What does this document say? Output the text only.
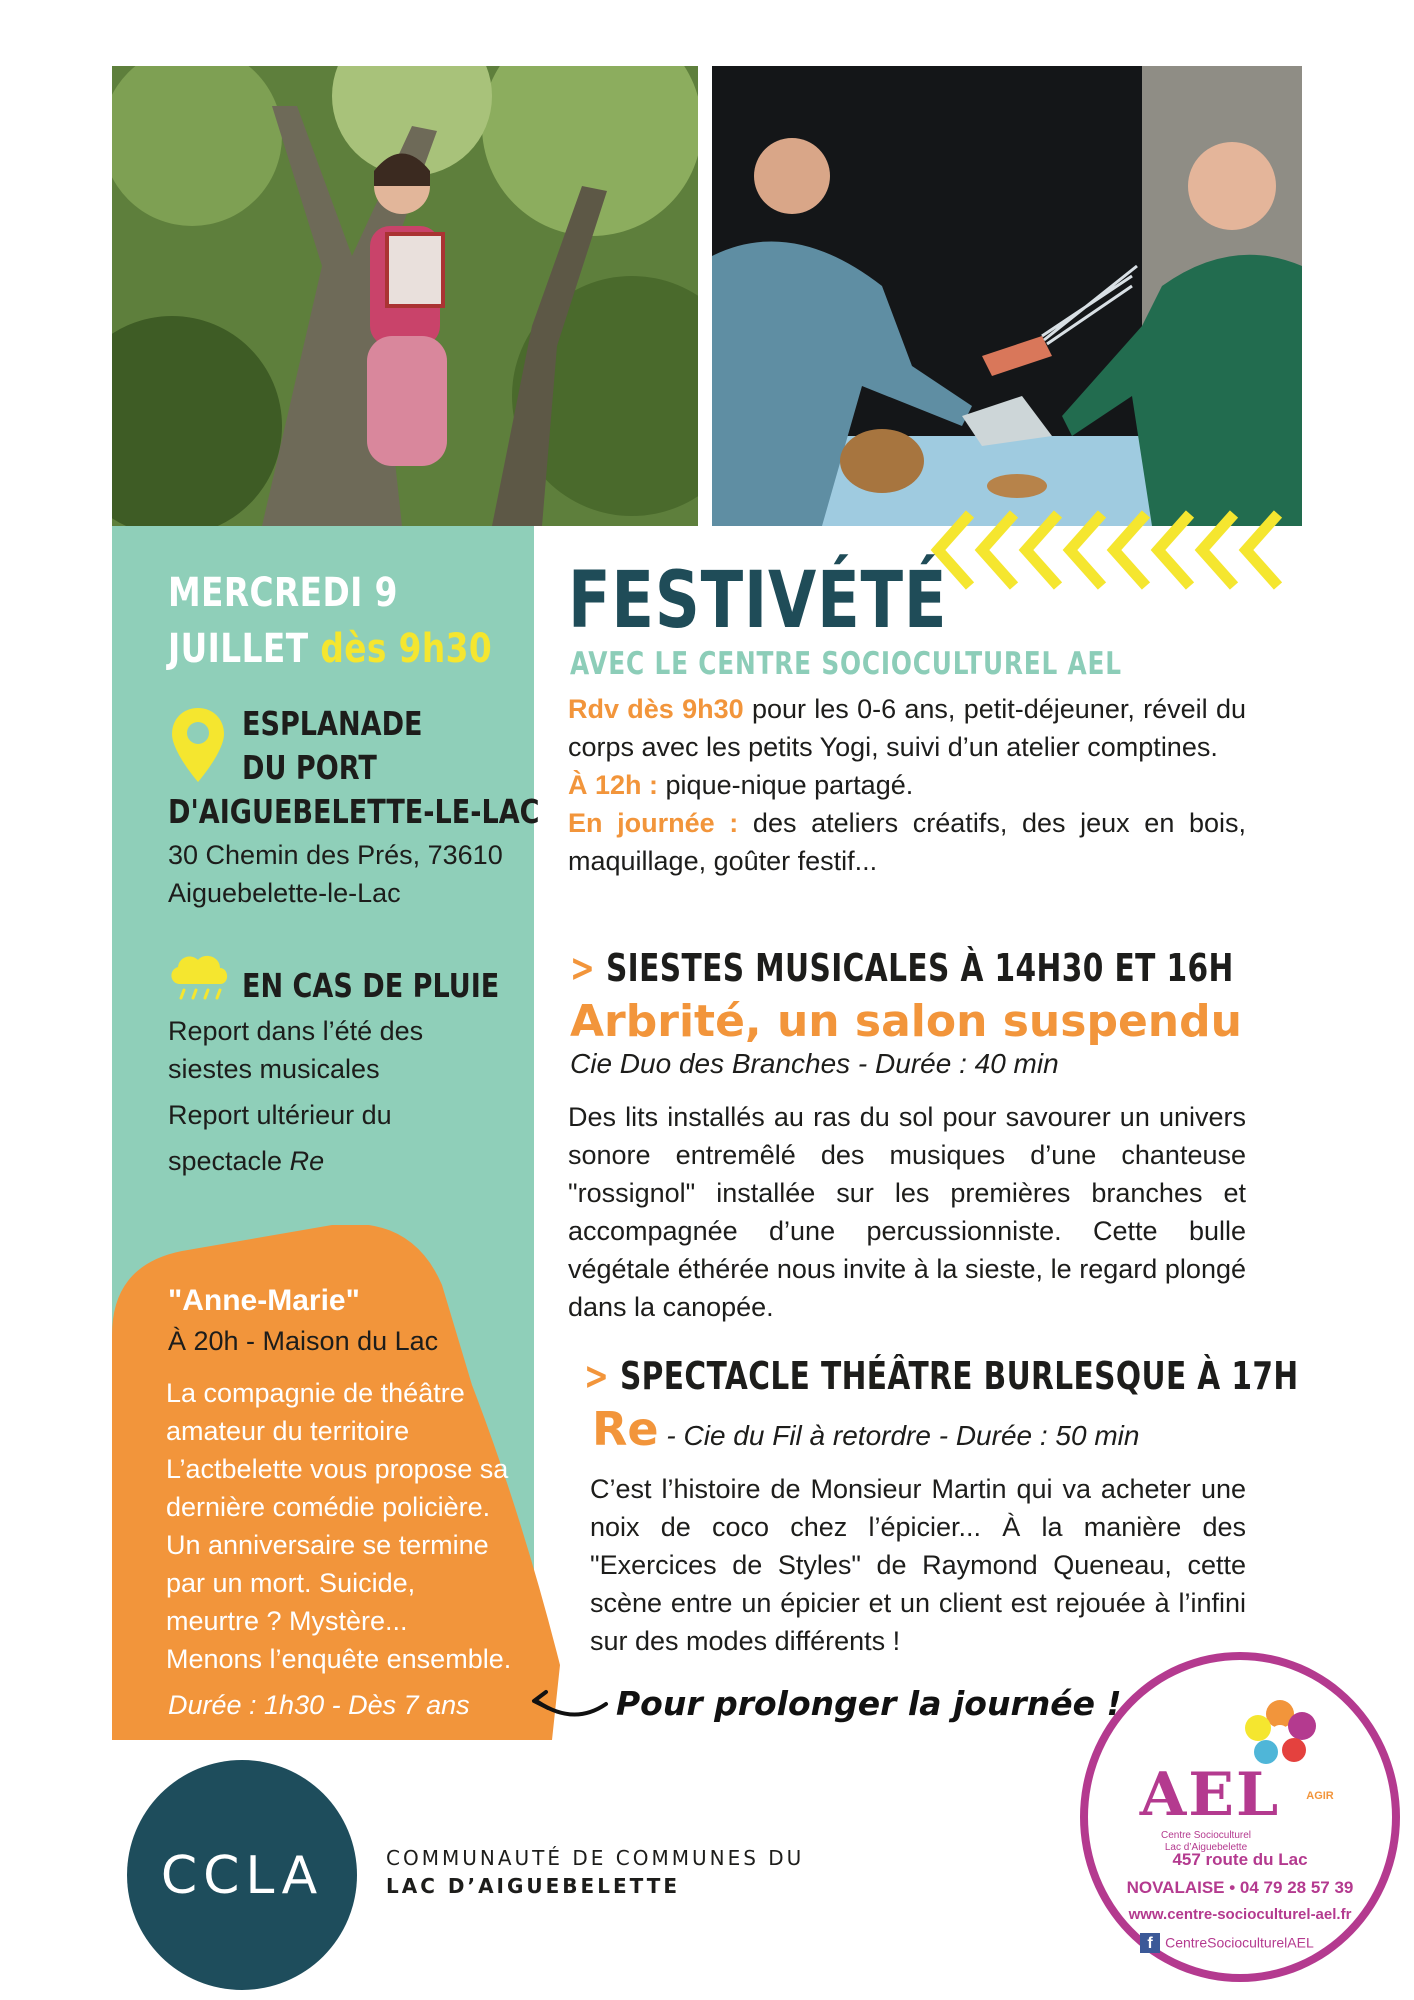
MERCREDI 9
JUILLET dès 9h30
ESPLANADE
DU PORT
D'AIGUEBELETTE-LE-LAC
30 Chemin des Prés, 73610
Aiguebelette-le-Lac
EN CAS DE PLUIE
Report dans l’été des
siestes musicales
Report ultérieur du
spectacle Re
"Anne-Marie"
À 20h - Maison du Lac
La compagnie de théâtre
amateur du territoire
L’actbelette vous propose sa
dernière comédie policière.
Un anniversaire se termine
par un mort. Suicide,
meurtre ? Mystère...
Menons l’enquête ensemble.
Durée : 1h30 - Dès 7 ans
FESTIVÉTÉ
AVEC LE CENTRE SOCIOCULTUREL AEL
Rdv dès 9h30 pour les 0-6 ans, petit-déjeuner, réveil du corps avec les petits Yogi, suivi d’un atelier comptines.
À 12h : pique-nique partagé.
En journée : des ateliers créatifs, des jeux en bois, maquillage, goûter festif...
> SIESTES MUSICALES À 14H30 ET 16H
Arbrité, un salon suspendu
Cie Duo des Branches - Durée : 40 min
Des lits installés au ras du sol pour savourer un univers sonore entremêlé des musiques d’une chanteuse "rossignol" installée sur les premières branches et accompagnée d’une percussionniste. Cette bulle végétale éthérée nous invite à la sieste, le regard plongé dans la canopée.
> SPECTACLE THÉÂTRE BURLESQUE À 17H
Re - Cie du Fil à retordre - Durée : 50 min
C’est l’histoire de Monsieur Martin qui va acheter une noix de coco chez l’épicier... À la manière des "Exercices de Styles" de Raymond Queneau, cette scène entre un épicier et un client est rejouée à l’infini sur des modes différents !
Pour prolonger la journée !
CCLA	COMMUNAUTÉ DE COMMUNES DU
LAC D’AIGUEBELETTE
AEL
Centre Socioculturel
Lac d’Aiguebelette
AGIR
457 route du Lac
NOVALAISE • 04 79 28 57 39
www.centre-socioculturel-ael.fr
f CentreSocioculturelAEL
